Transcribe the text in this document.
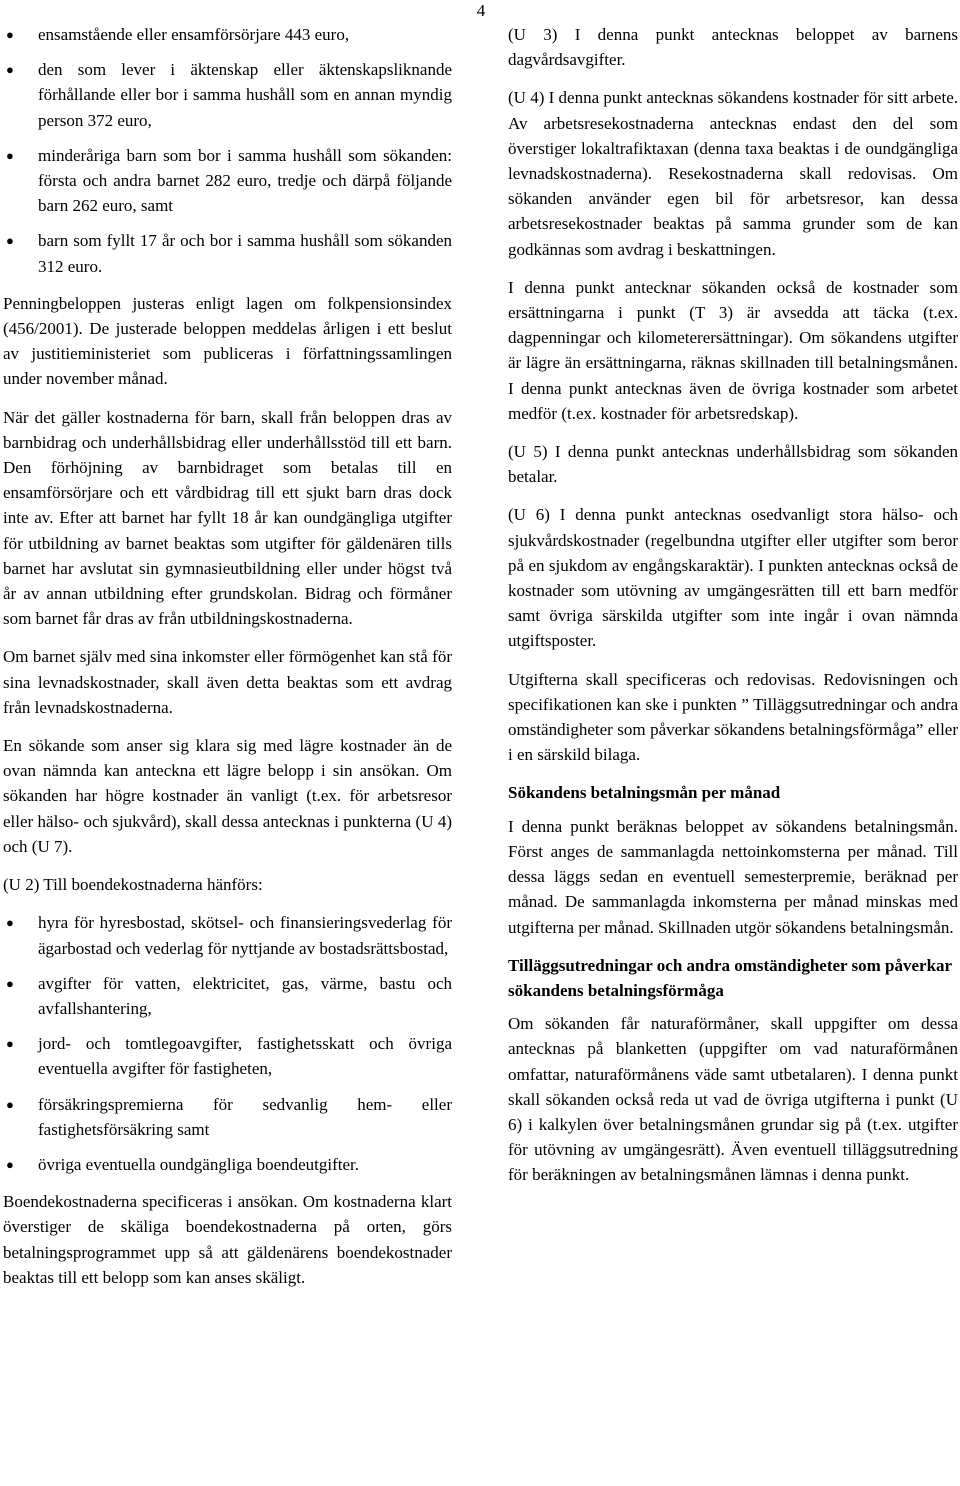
4
● ensamstående eller ensamförsörjare 443 euro,
● den som lever i äktenskap eller äktenskapsliknande förhållande eller bor i samma hushåll som en annan myndig person 372 euro,
● minderåriga barn som bor i samma hushåll som sökanden: första och andra barnet 282 euro, tredje och därpå följande barn 262 euro, samt
● barn som fyllt 17 år och bor i samma hushåll som sökanden 312 euro.

Penningbeloppen justeras enligt lagen om folkpensionsindex (456/2001). De justerade beloppen meddelas årligen i ett beslut av justitieministeriet som publiceras i författningssamlingen under november månad.

När det gäller kostnaderna för barn, skall från beloppen dras av barnbidrag och underhållsbidrag eller underhållsstöd till ett barn. Den förhöjning av barnbidraget som betalas till en ensamförsörjare och ett vårdbidrag till ett sjukt barn dras dock inte av. Efter att barnet har fyllt 18 år kan oundgängliga utgifter för utbildning av barnet beaktas som utgifter för gäldenären tills barnet har avslutat sin gymnasieutbildning eller under högst två år av annan utbildning efter grundskolan. Bidrag och förmåner som barnet får dras av från utbildningskostnaderna.

Om barnet själv med sina inkomster eller förmögenhet kan stå för sina levnadskostnader, skall även detta beaktas som ett avdrag från levnadskostnaderna.

En sökande som anser sig klara sig med lägre kostnader än de ovan nämnda kan anteckna ett lägre belopp i sin ansökan. Om sökanden har högre kostnader än vanligt (t.ex. för arbetsresor eller hälso- och sjukvård), skall dessa antecknas i punkterna (U 4) och (U 7).

(U 2) Till boendekostnaderna hänförs:

● hyra för hyresbostad, skötsel- och finansieringsvederlag för ägarbostad och vederlag för nyttjande av bostadsrättsbostad,
● avgifter för vatten, elektricitet, gas, värme, bastu och avfallshantering,
● jord- och tomtlegoavgifter, fastighetsskatt och övriga eventuella avgifter för fastigheten,
● försäkringspremierna för sedvanlig hem- eller fastighetsförsäkring samt
● övriga eventuella oundgängliga boendeutgifter.

Boendekostnaderna specificeras i ansökan. Om kostnaderna klart överstiger de skäliga boendekostnaderna på orten, görs betalningsprogrammet upp så att gäldenärens boendekostnader beaktas till ett belopp som kan anses skäligt.

(U 3) I denna punkt antecknas beloppet av barnens dagvårdsavgifter.

(U 4) I denna punkt antecknas sökandens kostnader för sitt arbete. Av arbetsresekostnaderna antecknas endast den del som överstiger lokaltrafiktaxan (denna taxa beaktas i de oundgängliga levnadskostnaderna). Resekostnaderna skall redovisas. Om sökanden använder egen bil för arbetsresor, kan dessa arbetsresekostnader beaktas på samma grunder som de kan godkännas som avdrag i beskattningen.

I denna punkt antecknar sökanden också de kostnader som ersättningarna i punkt (T 3) är avsedda att täcka (t.ex. dagpenningar och kilometerersättningar). Om sökandens utgifter är lägre än ersättningarna, räknas skillnaden till betalningsmånen. I denna punkt antecknas även de övriga kostnader som arbetet medför (t.ex. kostnader för arbetsredskap).

(U 5) I denna punkt antecknas underhållsbidrag som sökanden betalar.

(U 6) I denna punkt antecknas osedvanligt stora hälso- och sjukvårdskostnader (regelbundna utgifter eller utgifter som beror på en sjukdom av engångskaraktär). I punkten antecknas också de kostnader som utövning av umgängesrätten till ett barn medför samt övriga särskilda utgifter som inte ingår i ovan nämnda utgiftsposter.

Utgifterna skall specificeras och redovisas. Redovisningen och specifikationen kan ske i punkten ” Tilläggsutredningar och andra omständigheter som påverkar sökandens betalningsförmåga” eller i en särskild bilaga.

Sökandens betalningsmån per månad

I denna punkt beräknas beloppet av sökandens betalningsmån. Först anges de sammanlagda nettoinkomsterna per månad. Till dessa läggs sedan en eventuell semesterpremie, beräknad per månad. De sammanlagda inkomsterna per månad minskas med utgifterna per månad. Skillnaden utgör sökandens betalningsmån.

Tilläggsutredningar och andra omständigheter som påverkar sökandens betalningsförmåga

Om sökanden får naturaförmåner, skall uppgifter om dessa antecknas på blanketten (uppgifter om vad naturaförmånen omfattar, naturaförmånens väde samt utbetalaren). I denna punkt skall sökanden också reda ut vad de övriga utgifterna i punkt (U 6) i kalkylen över betalningsmånen grundar sig på (t.ex. utgifter för utövning av umgängesrätt). Även eventuell tilläggsutredning för beräkningen av betalningsmånen lämnas i denna punkt.
